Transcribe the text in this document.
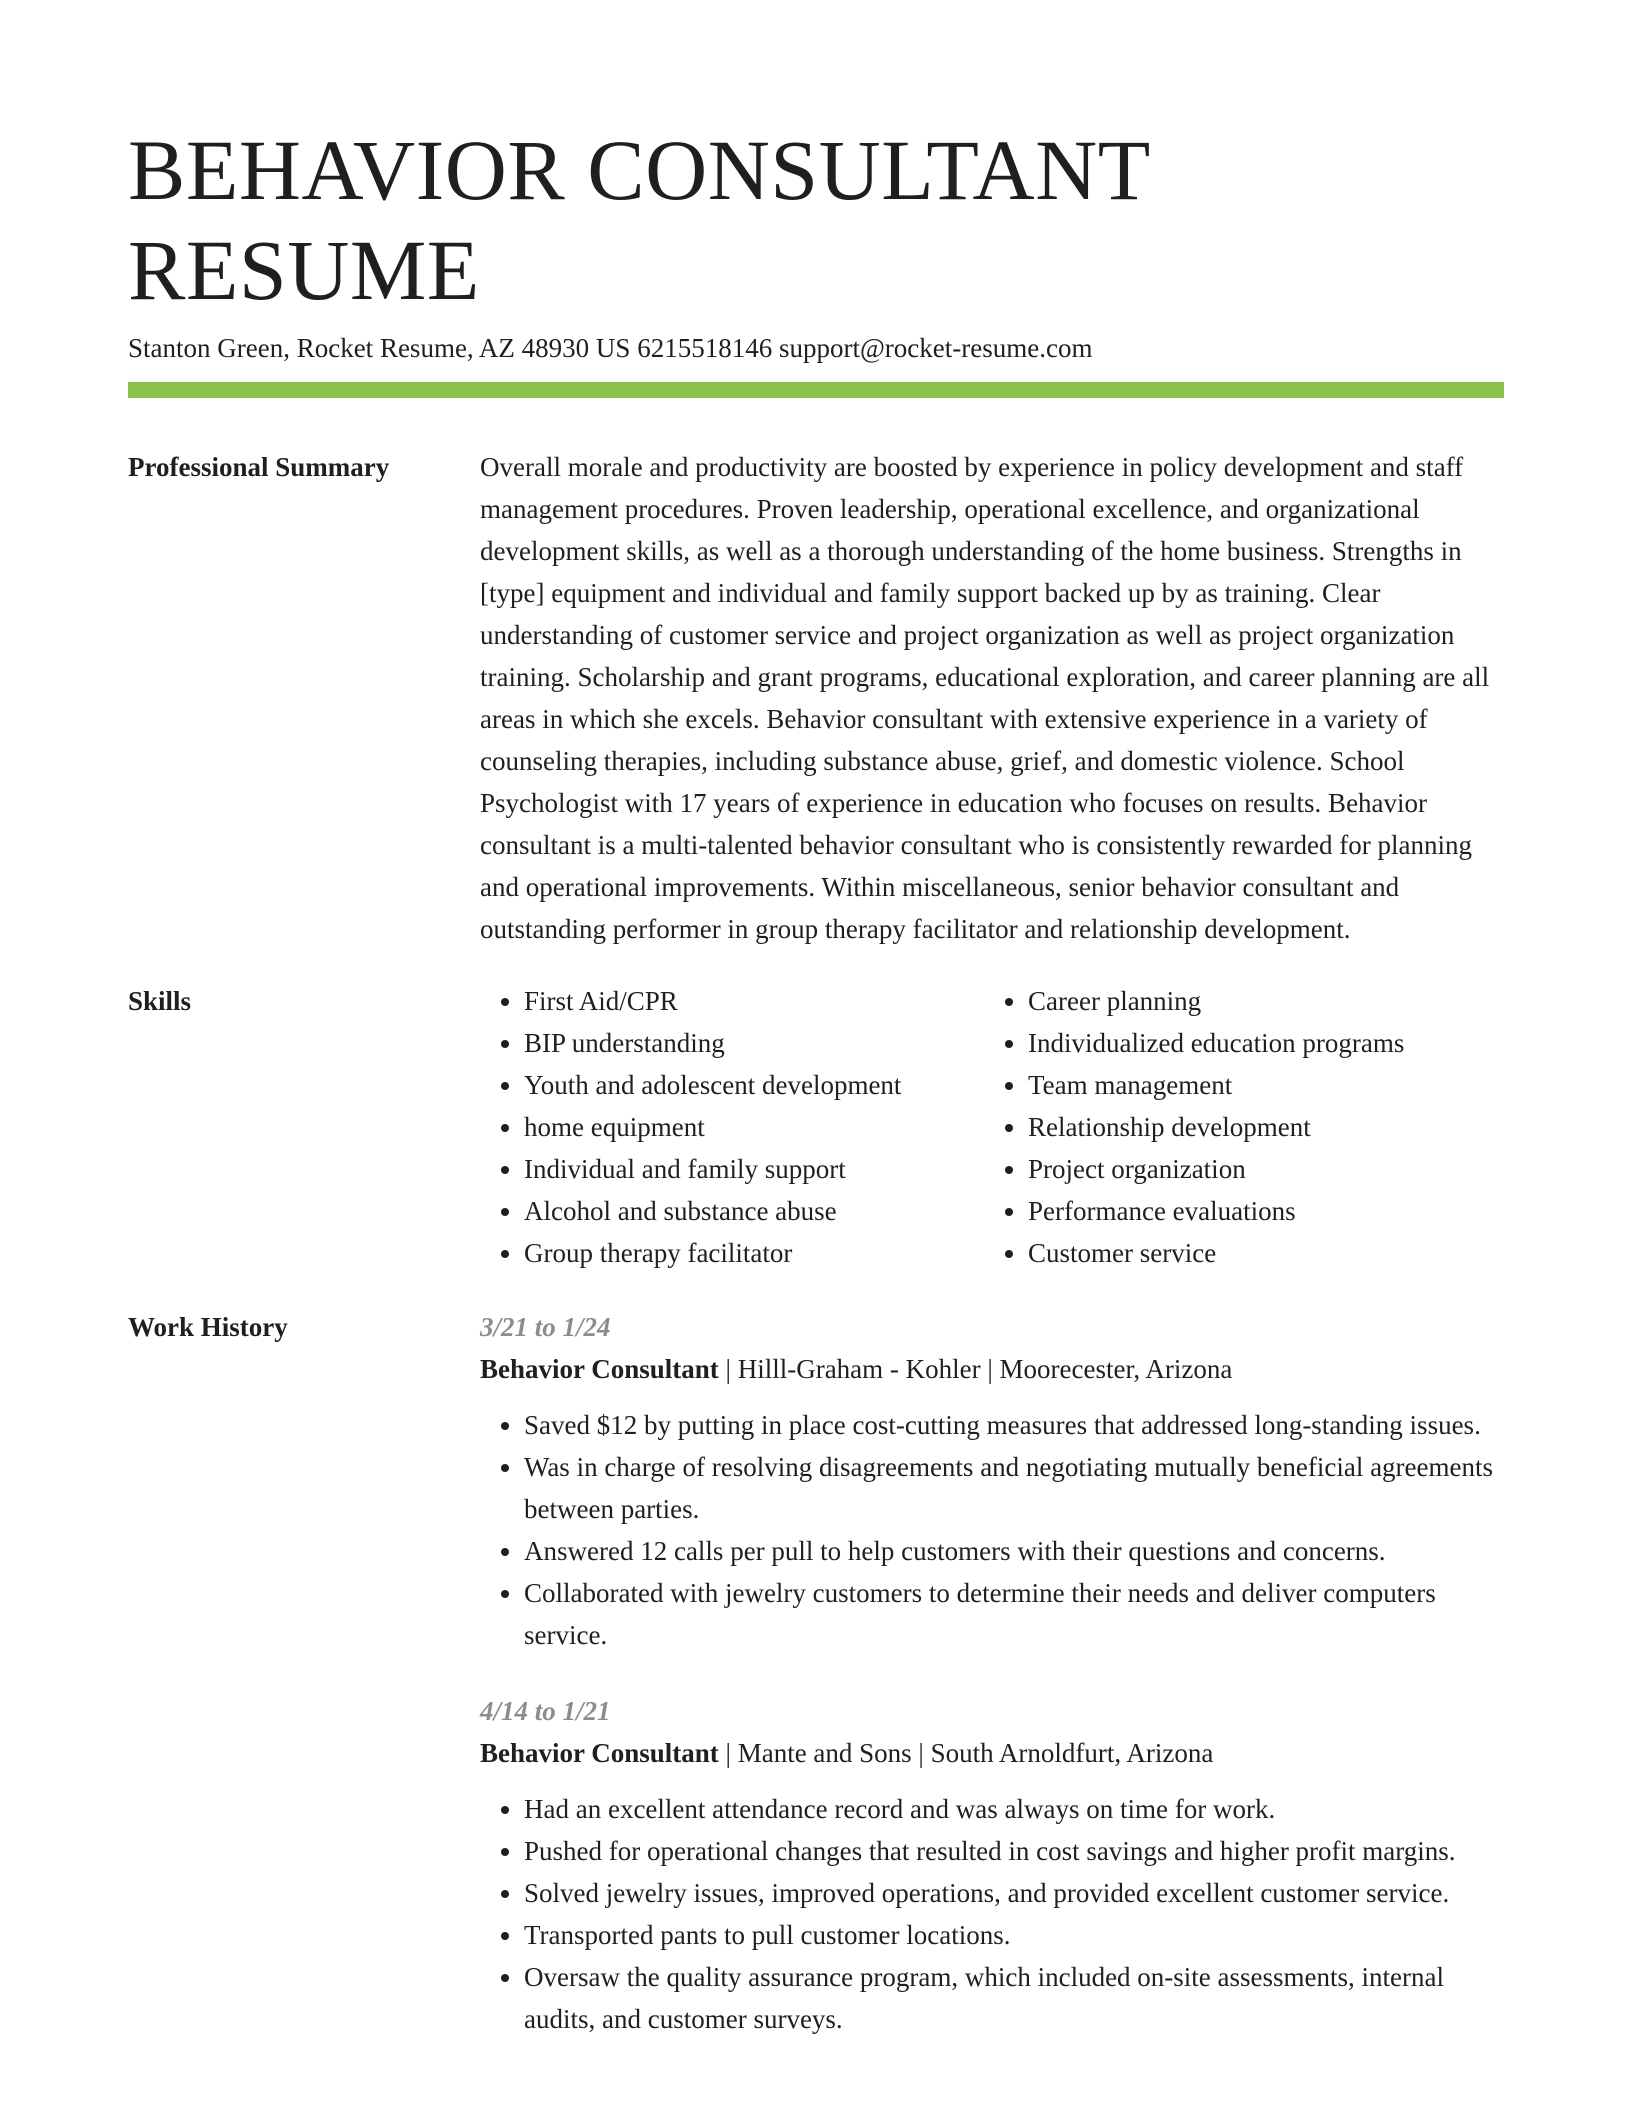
BEHAVIOR CONSULTANT RESUME
Stanton Green, Rocket Resume, AZ 48930 US 6215518146 support@rocket-resume.com
Professional Summary	Overall morale and productivity are boosted by experience in policy development and staff management procedures. Proven leadership, operational excellence, and organizational development skills, as well as a thorough understanding of the home business. Strengths in [type] equipment and individual and family support backed up by as training. Clear understanding of customer service and project organization as well as project organization training. Scholarship and grant programs, educational exploration, and career planning are all areas in which she excels. Behavior consultant with extensive experience in a variety of counseling therapies, including substance abuse, grief, and domestic violence. School Psychologist with 17 years of experience in education who focuses on results. Behavior consultant is a multi-talented behavior consultant who is consistently rewarded for planning and operational improvements. Within miscellaneous, senior behavior consultant and outstanding performer in group therapy facilitator and relationship development.

Skills
•	First Aid/CPR
• BIP understanding
• Youth and adolescent development
• home equipment
• Individual and family support
• Alcohol and substance abuse
• Group therapy facilitator
• Career planning
• Individualized education programs
• Team management
• Relationship development
• Project organization
• Performance evaluations
• Customer service
Work History	3/21 to 1/24
Behavior Consultant | Hilll-Graham - Kohler | Moorecester, Arizona
• Saved $12 by putting in place cost-cutting measures that addressed long-standing issues.
• Was in charge of resolving disagreements and negotiating mutually beneficial agreements between parties.
• Answered 12 calls per pull to help customers with their questions and concerns.
• Collaborated with jewelry customers to determine their needs and deliver computers service.
4/14 to 1/21
Behavior Consultant | Mante and Sons | South Arnoldfurt, Arizona
• Had an excellent attendance record and was always on time for work.
• Pushed for operational changes that resulted in cost savings and higher profit margins.
• Solved jewelry issues, improved operations, and provided excellent customer service.
• Transported pants to pull customer locations.
• Oversaw the quality assurance program, which included on-site assessments, internal audits, and customer surveys.
